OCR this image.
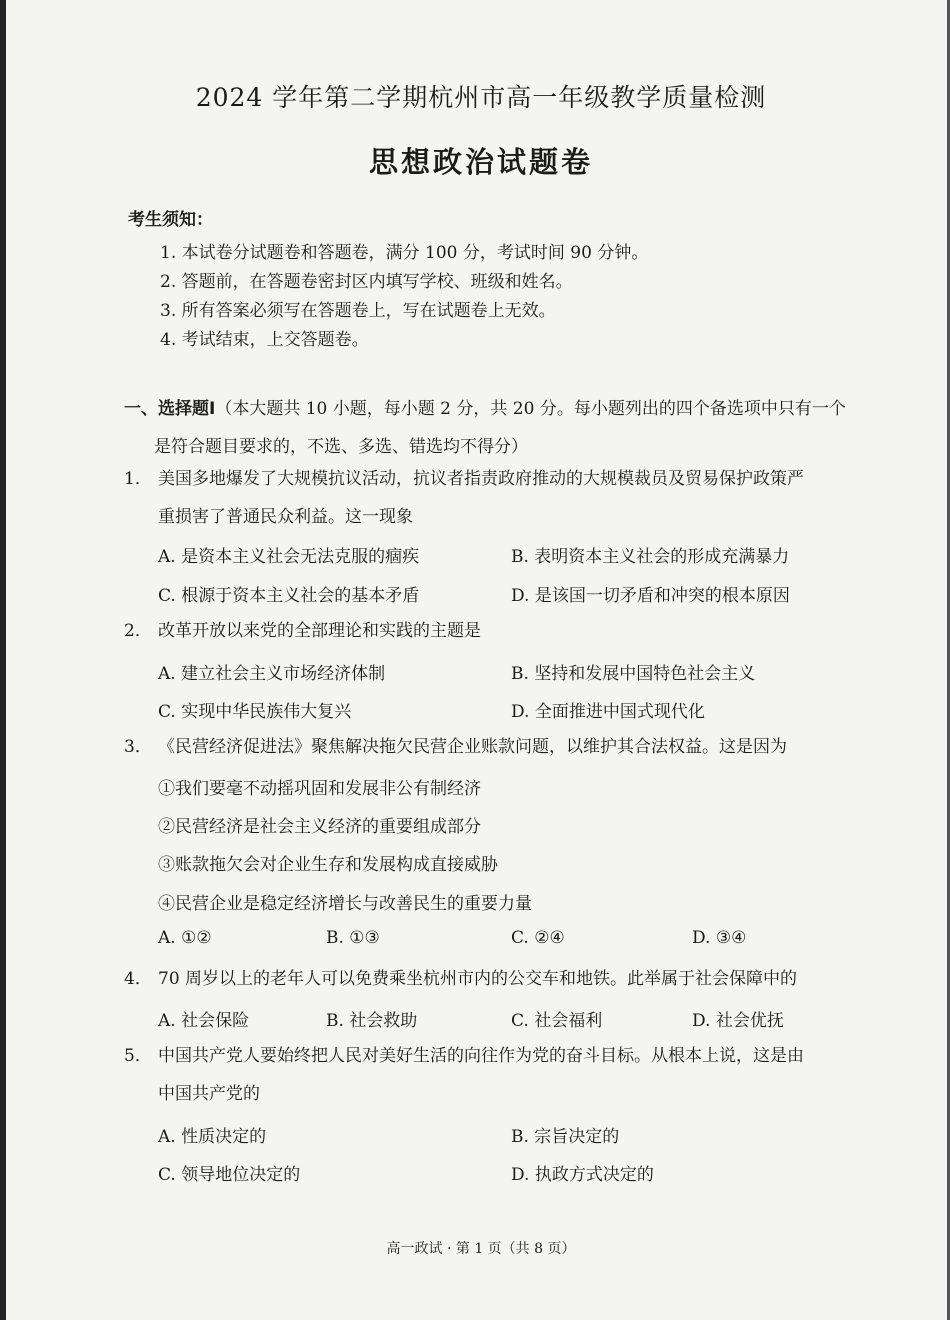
2024 学年第二学期杭州市高一年级教学质量检测
思想政治试题卷
考生须知：
1. 本试卷分试题卷和答题卷，满分 100 分，考试时间 90 分钟。
2. 答题前，在答题卷密封区内填写学校、班级和姓名。
3. 所有答案必须写在答题卷上，写在试题卷上无效。
4. 考试结束，上交答题卷。
一、选择题Ⅰ（本大题共 10 小题，每小题 2 分，共 20 分。每小题列出的四个备选项中只有一个
是符合题目要求的，不选、多选、错选均不得分）
1． 美国多地爆发了大规模抗议活动，抗议者指责政府推动的大规模裁员及贸易保护政策严
重损害了普通民众利益。这一现象
A. 是资本主义社会无法克服的痼疾	B. 表明资本主义社会的形成充满暴力
C. 根源于资本主义社会的基本矛盾	D. 是该国一切矛盾和冲突的根本原因
2． 改革开放以来党的全部理论和实践的主题是
A. 建立社会主义市场经济体制	B. 坚持和发展中国特色社会主义
C. 实现中华民族伟大复兴	D. 全面推进中国式现代化
3． 《民营经济促进法》聚焦解决拖欠民营企业账款问题，以维护其合法权益。这是因为
①我们要毫不动摇巩固和发展非公有制经济
②民营经济是社会主义经济的重要组成部分
③账款拖欠会对企业生存和发展构成直接威胁
④民营企业是稳定经济增长与改善民生的重要力量
A. ①②	B. ①③	C. ②④	D. ③④
4． 70 周岁以上的老年人可以免费乘坐杭州市内的公交车和地铁。此举属于社会保障中的
A. 社会保险	B. 社会救助	C. 社会福利	D. 社会优抚
5． 中国共产党人要始终把人民对美好生活的向往作为党的奋斗目标。从根本上说，这是由
中国共产党的
A. 性质决定的	B. 宗旨决定的
C. 领导地位决定的	D. 执政方式决定的
高一政试 · 第 1 页（共 8 页）
